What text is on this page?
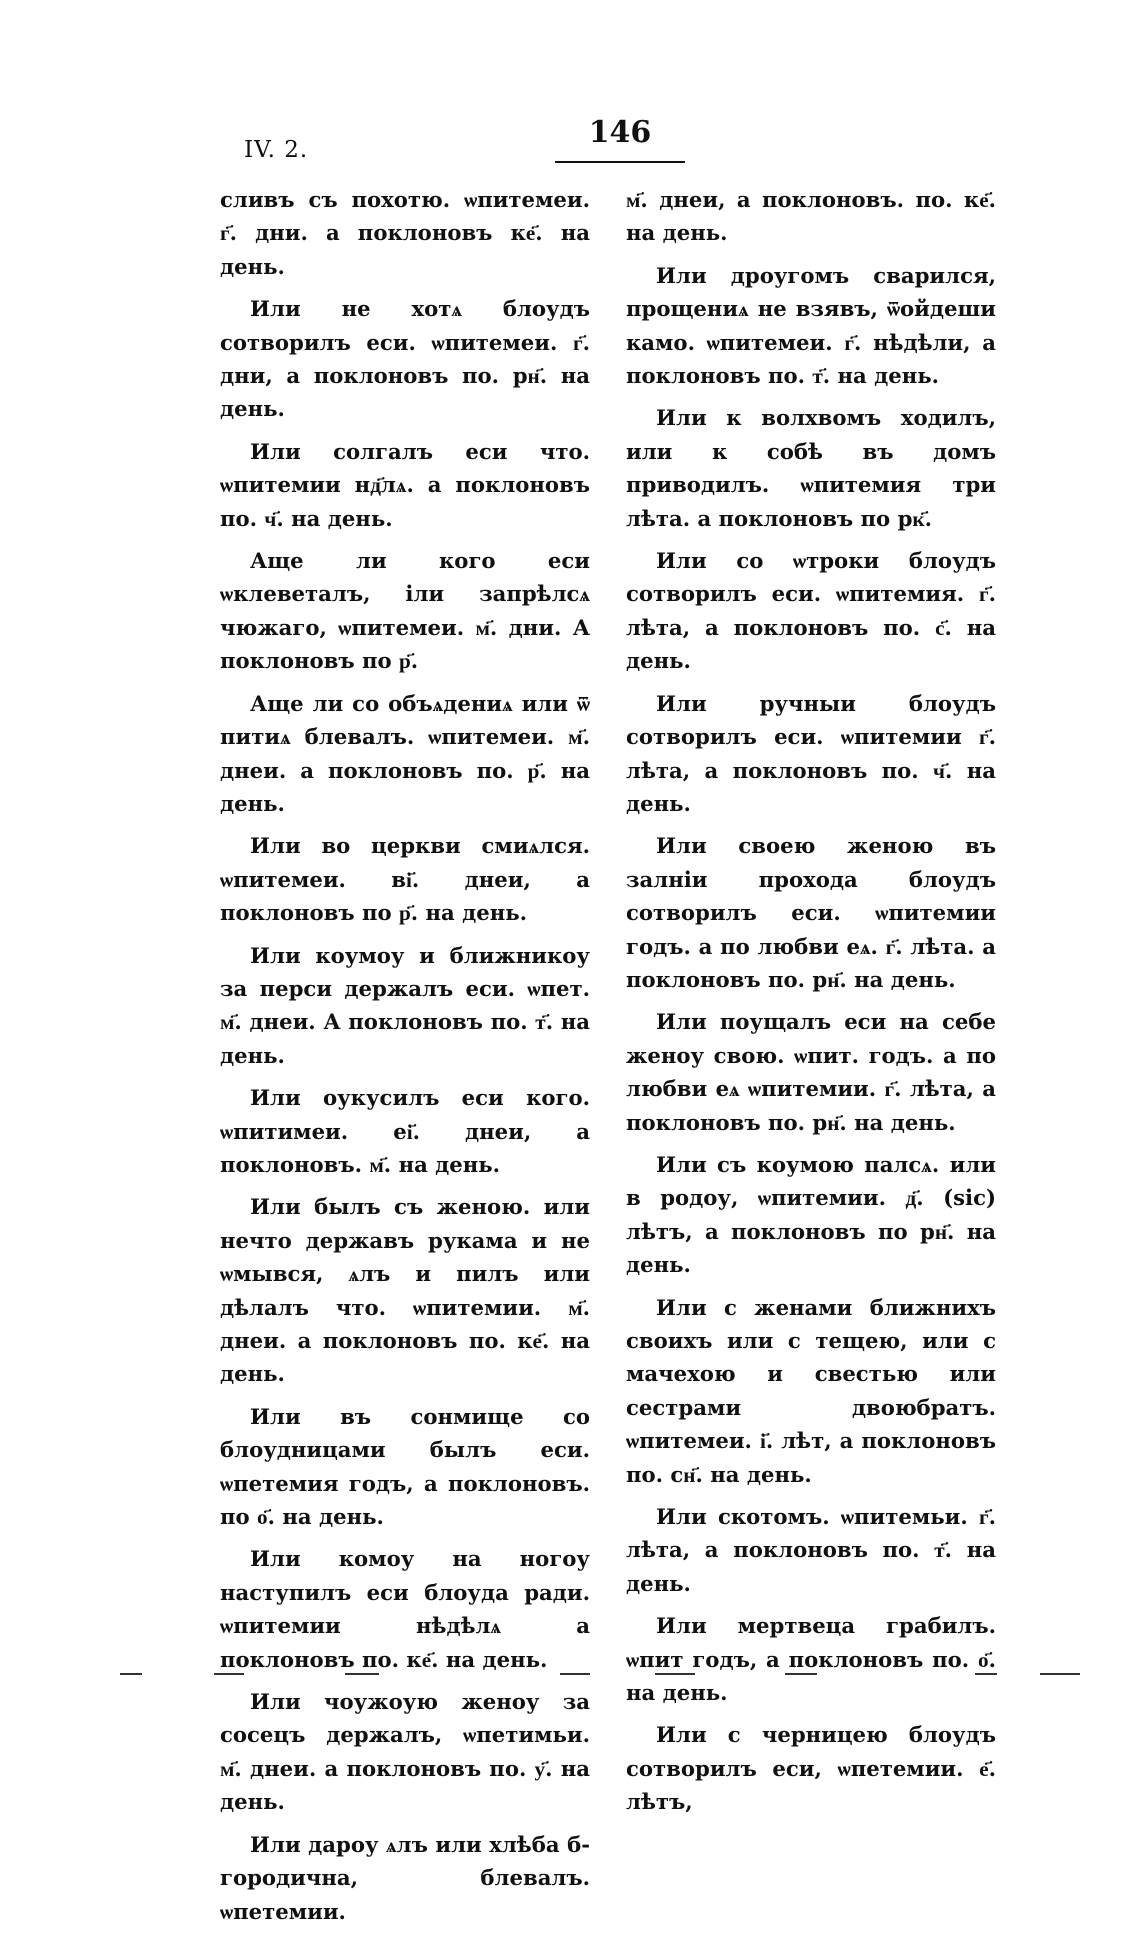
IV. 2.	146

сливъ съ похотю. ѡпитемеи. г҃. дни. а поклоновъ ке҃. на день.

Или не хотѧ блоудъ сотворилъ еси. ѡпитемеи. г҃. дни, а поклоновъ по. рн҃. на день.

Или солгалъ еси что. ѡпитемии нд҃лѧ. а поклоновъ по. ч҃. на день.

Аще ли кого еси ѡклеветалъ, іли запрѣлсѧ чюжаго, ѡпитемеи. м҃. дни. А поклоновъ по р҃.

Аще ли со объѧдениѧ или ѿ питиѧ блевалъ. ѡпитемеи. м҃. днеи. а поклоновъ по. р҃. на день.

Или во церкви смиѧлся. ѡпитемеи. ві҃. днеи, а поклоновъ по р҃. на день.

Или коумоу и ближникоу за перси держалъ еси. ѡпет. м҃. днеи. А поклоновъ по. т҃. на день.

Или оукусилъ еси кого. ѡпитимеи. еі҃. днеи, а поклоновъ. м҃. на день.

Или былъ съ женою. или нечто державъ рукама и не ѡмывся, ѧлъ и пилъ или дѣлалъ что. ѡпитемии. м҃. днеи. а поклоновъ по. ке҃. на день.

Или въ сонмище со блоудницами былъ еси. ѡпетемия годъ, а поклоновъ. по о҃. на день.

Или комоу на ногоу наступилъ еси блоуда ради. ѡпитемии нѣдѣлѧ а поклоновъ по. ке҃. на день.

Или чоужоую женоу за сосецъ держалъ, ѡпетимьи. м҃. днеи. а поклоновъ по. у҃. на день.

Или дароу ѧлъ или хлѣба б-городична, блевалъ. ѡпетемии.

м҃. днеи, а поклоновъ. по. ке҃. на день.

Или дроугомъ сварился, прощениѧ не взявъ, ѿойдеши камо. ѡпитемеи. г҃. нѣдѣли, а поклоновъ по. т҃. на день.

Или к волхвомъ ходилъ, или к собѣ въ домъ приводилъ. ѡпитемия три лѣта. а поклоновъ по рк҃.

Или со ѡтроки блоудъ сотворилъ еси. ѡпитемия. г҃. лѣта, а поклоновъ по. с҃. на день.

Или ручныи блоудъ сотворилъ еси. ѡпитемии г҃. лѣта, а поклоновъ по. ч҃. на день.

Или своею женою въ залніи прохода блоудъ сотворилъ еси. ѡпитемии годъ. а по любви еѧ. г҃. лѣта. а поклоновъ по. рн҃. на день.

Или поущалъ еси на себе женоу свою. ѡпит. годъ. а по любви еѧ ѡпитемии. г҃. лѣта, а поклоновъ по. рн҃. на день.

Или съ коумою палсѧ. или в родоу, ѡпитемии. д҃. (sic) лѣтъ, а поклоновъ по рн҃. на день.

Или с женами ближнихъ своихъ или с тещею, или с мачехою и свестью или сестрами двоюбратъ. ѡпитемеи. і҃. лѣт, а поклоновъ по. сн҃. на день.

Или скотомъ. ѡпитемьи. г҃. лѣта, а поклоновъ по. т҃. на день.

Или мертвеца грабилъ. ѡпит годъ, а поклоновъ по. о҃. на день.

Или с черницею блоудъ сотворилъ еси, ѡпетемии. е҃. лѣтъ,
